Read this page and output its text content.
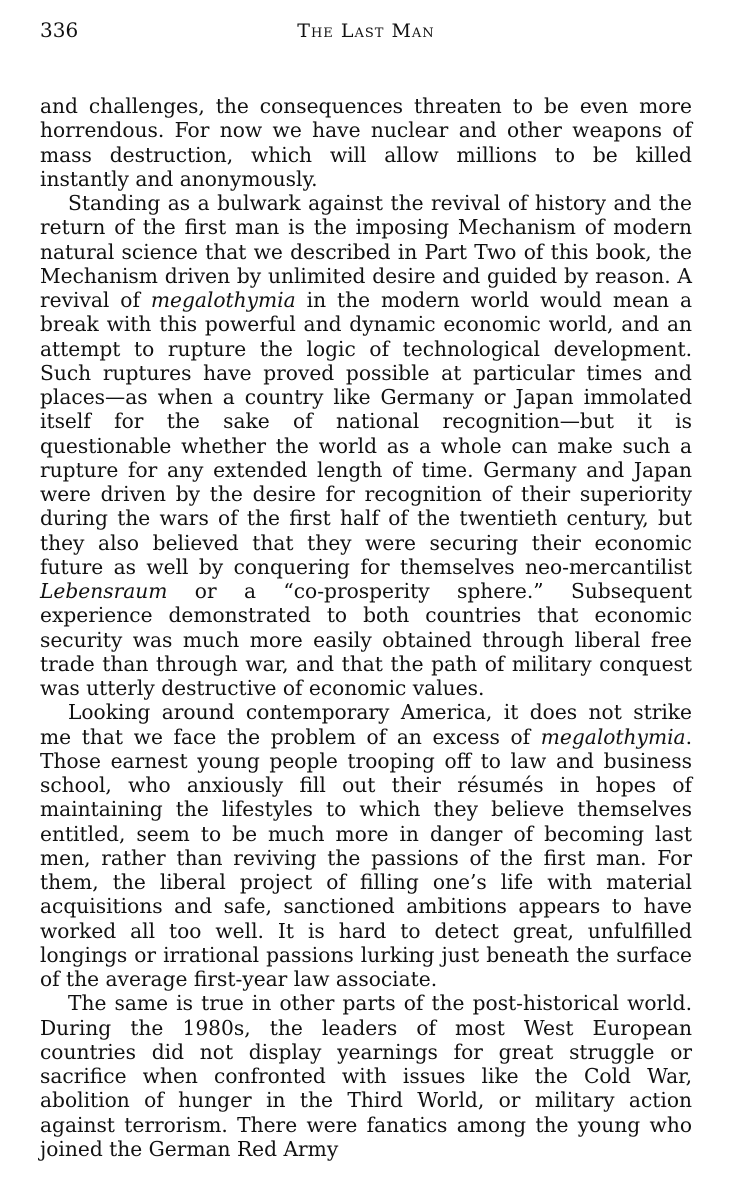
336	The Last Man

and challenges, the consequences threaten to be even more horrendous. For now we have nuclear and other weapons of mass destruction, which will allow millions to be killed instantly and anonymously.

Standing as a bulwark against the revival of history and the return of the first man is the imposing Mechanism of modern natural science that we described in Part Two of this book, the Mechanism driven by unlimited desire and guided by reason. A revival of megalothymia in the modern world would mean a break with this powerful and dynamic economic world, and an attempt to rupture the logic of technological development. Such ruptures have proved possible at particular times and places—as when a country like Germany or Japan immolated itself for the sake of national recognition—but it is questionable whether the world as a whole can make such a rupture for any extended length of time. Germany and Japan were driven by the desire for recognition of their superiority during the wars of the first half of the twentieth century, but they also believed that they were securing their economic future as well by conquering for themselves neo-mercantilist Lebensraum or a “co-prosperity sphere.” Subsequent experience demonstrated to both countries that economic security was much more easily obtained through liberal free trade than through war, and that the path of military conquest was utterly destructive of economic values.

Looking around contemporary America, it does not strike me that we face the problem of an excess of megalothymia. Those earnest young people trooping off to law and business school, who anxiously fill out their résumés in hopes of maintaining the lifestyles to which they believe themselves entitled, seem to be much more in danger of becoming last men, rather than reviving the passions of the first man. For them, the liberal project of filling one’s life with material acquisitions and safe, sanctioned ambitions appears to have worked all too well. It is hard to detect great, unfulfilled longings or irrational passions lurking just beneath the surface of the average first-year law associate.

The same is true in other parts of the post-historical world. During the 1980s, the leaders of most West European countries did not display yearnings for great struggle or sacrifice when confronted with issues like the Cold War, abolition of hunger in the Third World, or military action against terrorism. There were fanatics among the young who joined the German Red Army
